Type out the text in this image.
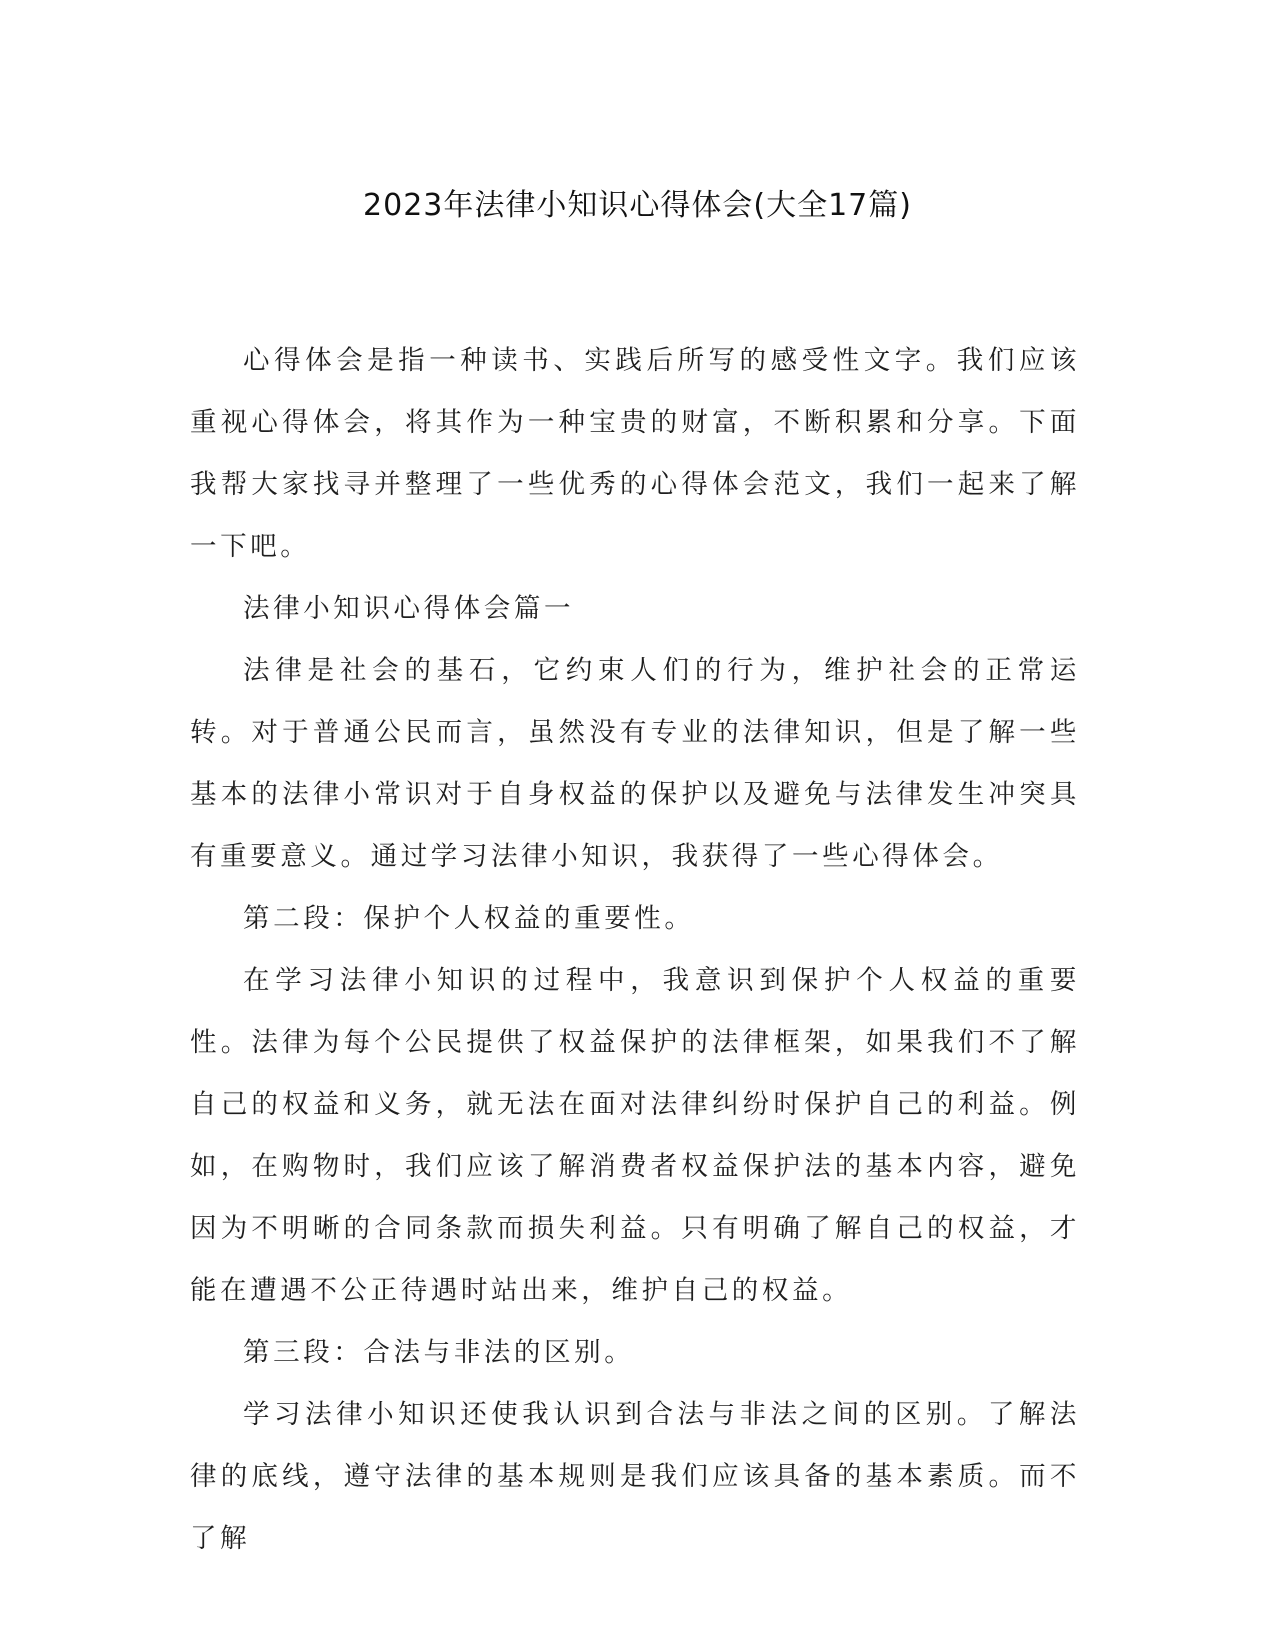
2023年法律小知识心得体会(大全17篇)

心得体会是指一种读书、实践后所写的感受性文字。我们应该重视心得体会，将其作为一种宝贵的财富，不断积累和分享。下面我帮大家找寻并整理了一些优秀的心得体会范文，我们一起来了解一下吧。

法律小知识心得体会篇一

法律是社会的基石，它约束人们的行为，维护社会的正常运转。对于普通公民而言，虽然没有专业的法律知识，但是了解一些基本的法律小常识对于自身权益的保护以及避免与法律发生冲突具有重要意义。通过学习法律小知识，我获得了一些心得体会。

第二段：保护个人权益的重要性。

在学习法律小知识的过程中，我意识到保护个人权益的重要性。法律为每个公民提供了权益保护的法律框架，如果我们不了解自己的权益和义务，就无法在面对法律纠纷时保护自己的利益。例如，在购物时，我们应该了解消费者权益保护法的基本内容，避免因为不明晰的合同条款而损失利益。只有明确了解自己的权益，才能在遭遇不公正待遇时站出来，维护自己的权益。

第三段：合法与非法的区别。

学习法律小知识还使我认识到合法与非法之间的区别。了解法律的底线，遵守法律的基本规则是我们应该具备的基本素质。而不了解
